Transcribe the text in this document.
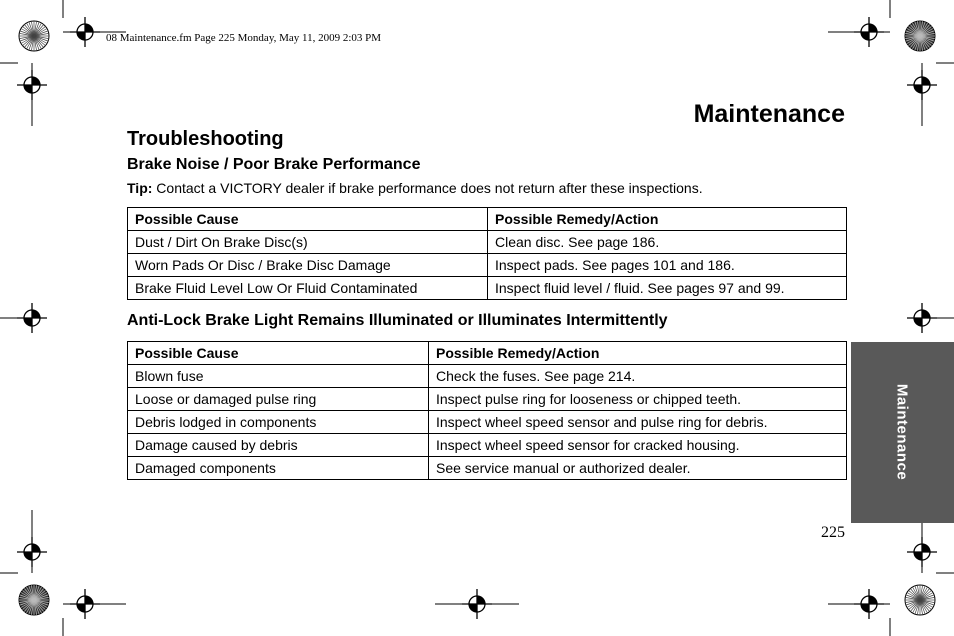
08 Maintenance.fm Page 225 Monday, May 11, 2009 2:03 PM
Maintenance
Troubleshooting
Brake Noise / Poor Brake Performance
Tip: Contact a VICTORY dealer if brake performance does not return after these inspections.
Possible Cause	Possible Remedy/Action
Dust / Dirt On Brake Disc(s)	Clean disc. See page 186.
Worn Pads Or Disc / Brake Disc Damage	Inspect pads. See pages 101 and 186.
Brake Fluid Level Low Or Fluid Contaminated	Inspect fluid level / fluid. See pages 97 and 99.
Anti-Lock Brake Light Remains Illuminated or Illuminates Intermittently
Possible Cause	Possible Remedy/Action
Blown fuse	Check the fuses. See page 214.
Loose or damaged pulse ring	Inspect pulse ring for looseness or chipped teeth.
Debris lodged in components	Inspect wheel speed sensor and pulse ring for debris.
Damage caused by debris	Inspect wheel speed sensor for cracked housing.
Damaged components	See service manual or authorized dealer.	Maintenance
225
